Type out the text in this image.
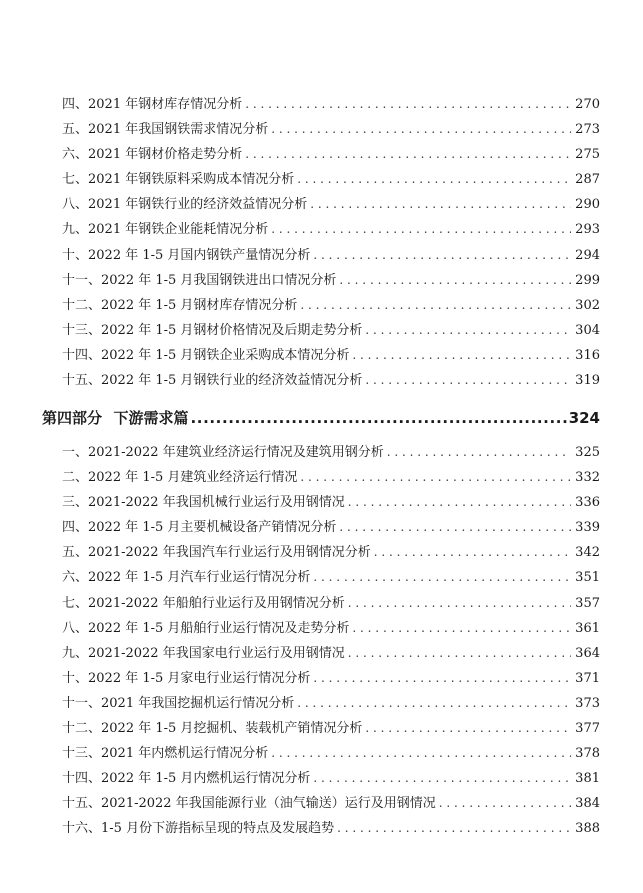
四、2021 年钢材库存情况分析 . . .	270
五、2021 年我国钢铁需求情况分析 . . .	273
六、2021 年钢材价格走势分析 . . .	275
七、2021 年钢铁原料采购成本情况分析 . . .	287
八、2021 年钢铁行业的经济效益情况分析 . . .	290
九、2021 年钢铁企业能耗情况分析 . . .	293
十、2022 年 1-5 月国内钢铁产量情况分析 . . .	294
十一、2022 年 1-5 月我国钢铁进出口情况分析 . . .	299
十二、2022 年 1-5 月钢材库存情况分析 . . .	302
十三、2022 年 1-5 月钢材价格情况及后期走势分析 . . .	304
十四、2022 年 1-5 月钢铁企业采购成本情况分析 . . .	316
十五、2022 年 1-5 月钢铁行业的经济效益情况分析 . . .	319
第四部分 下游需求篇 .....	324
一、2021-2022 年建筑业经济运行情况及建筑用钢分析 . . .	325
二、2022 年 1-5 月建筑业经济运行情况 . . .	332
三、2021-2022 年我国机械行业运行及用钢情况 . . .	336
四、2022 年 1-5 月主要机械设备产销情况分析 . . .	339
五、2021-2022 年我国汽车行业运行及用钢情况分析 . . .	342
六、2022 年 1-5 月汽车行业运行情况分析 . . .	351
七、2021-2022 年船舶行业运行及用钢情况分析 . . .	357
八、2022 年 1-5 月船舶行业运行情况及走势分析 . . .	361
九、2021-2022 年我国家电行业运行及用钢情况 . . .	364
十、2022 年 1-5 月家电行业运行情况分析 . . .	371
十一、2021 年我国挖掘机运行情况分析 . . .	373
十二、2022 年 1-5 月挖掘机、装载机产销情况分析 . . .	377
十三、2021 年内燃机运行情况分析 . . .	378
十四、2022 年 1-5 月内燃机运行情况分析 . . .	381
十五、2021-2022 年我国能源行业（油气输送）运行及用钢情况 . . .	384
十六、1-5 月份下游指标呈现的特点及发展趋势 . . .	388
